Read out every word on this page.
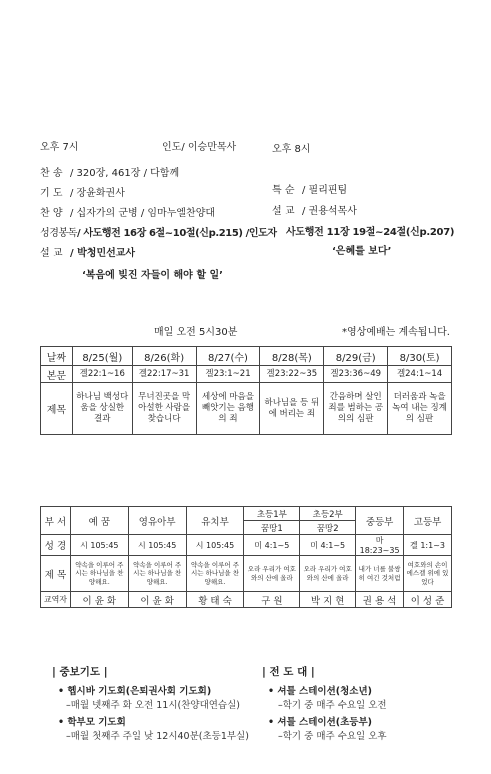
오후 7시	인도/ 이승만목사
찬 송 / 320장, 461장 / 다함께
기 도 / 장윤화권사
찬 양 / 십자가의 군병 / 임마누엘찬양대
성경봉독/ 사도행전 16장 6절~10절(신p.215) /인도자
설 교 / 박청민선교사
‘복음에 빚진 자들이 해야 할 일’
오후 8시
특 순 / 필리핀팀
설 교 / 권용석목사
사도행전 11장 19절~24절(신p.207)
‘은혜를 보다’
매일 오전 5시30분	*영상예배는 계속됩니다.
날짜	8/25(월)	8/26(화)	8/27(수)	8/28(목)	8/29(금)	8/30(토)
본문	겔22:1~16	겔22:17~31	겔23:1~21	겔23:22~35	겔23:36~49	겔24:1~14
제목	하나님 백성다움을 상실한 결과	무너진곳을 막아설한 사람을 찾습니다	세상에 마음을 빼앗기는 음행의 죄	하나님을 등 뒤에 버리는 죄	간음하며 살인죄를 범하는 공의의 심판	더러움과 녹을 녹여 내는 징계의 심판
부 서	예 꿈	영유아부	유치부	초등1부	초등2부	중등부	고등부
				꿈땅1	꿈땅2		
성 경	시 105:45	시 105:45	시 105:45	미 4:1~5	미 4:1~5	마 18:23~35	겔 1:1~3
제 목	약속을 이루어 주시는 하나님을 찬양해요.	약속을 이루어 주시는 하나님을 찬양해요.	약속을 이루어 주시는 하나님을 찬양해요.	오라 우리가 여호와의 산에 올라	오라 우리가 여호와의 산에 올라	내가 너를 불쌍히 여긴 것처럼	여호와의 손이 에스겔 위에 있었다
교역자	이 윤 화	이 윤 화	황 태 숙	구 원	박 지 현	권 용 석	이 성 준
| 중보기도 |
• 헵시바 기도회(은퇴권사회 기도회)
–매월 넷째주 화 오전 11시(찬양대연습실)
• 학부모 기도회
–매월 첫째주 주일 낮 12시40분(초등1부실)
| 전 도 대 |
• 셔틀 스테이션(청소년)
–학기 중 매주 수요일 오전
• 셔틀 스테이션(초등부)
–학기 중 매주 수요일 오후
